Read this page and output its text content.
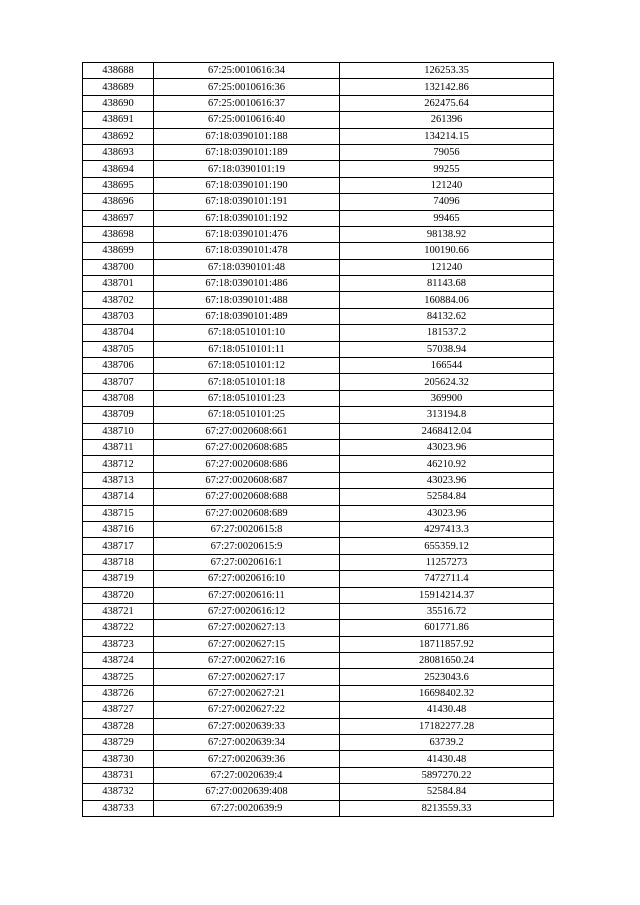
438688	67:25:0010616:34	126253.35
438689	67:25:0010616:36	132142.86
438690	67:25:0010616:37	262475.64
438691	67:25:0010616:40	261396
438692	67:18:0390101:188	134214.15
438693	67:18:0390101:189	79056
438694	67:18:0390101:19	99255
438695	67:18:0390101:190	121240
438696	67:18:0390101:191	74096
438697	67:18:0390101:192	99465
438698	67:18:0390101:476	98138.92
438699	67:18:0390101:478	100190.66
438700	67:18:0390101:48	121240
438701	67:18:0390101:486	81143.68
438702	67:18:0390101:488	160884.06
438703	67:18:0390101:489	84132.62
438704	67:18:0510101:10	181537.2
438705	67:18:0510101:11	57038.94
438706	67:18:0510101:12	166544
438707	67:18:0510101:18	205624.32
438708	67:18:0510101:23	369900
438709	67:18:0510101:25	313194.8
438710	67:27:0020608:661	2468412.04
438711	67:27:0020608:685	43023.96
438712	67:27:0020608:686	46210.92
438713	67:27:0020608:687	43023.96
438714	67:27:0020608:688	52584.84
438715	67:27:0020608:689	43023.96
438716	67:27:0020615:8	4297413.3
438717	67:27:0020615:9	655359.12
438718	67:27:0020616:1	11257273
438719	67:27:0020616:10	7472711.4
438720	67:27:0020616:11	15914214.37
438721	67:27:0020616:12	35516.72
438722	67:27:0020627:13	601771.86
438723	67:27:0020627:15	18711857.92
438724	67:27:0020627:16	28081650.24
438725	67:27:0020627:17	2523043.6
438726	67:27:0020627:21	16698402.32
438727	67:27:0020627:22	41430.48
438728	67:27:0020639:33	17182277.28
438729	67:27:0020639:34	63739.2
438730	67:27:0020639:36	41430.48
438731	67:27:0020639:4	5897270.22
438732	67:27:0020639:408	52584.84
438733	67:27:0020639:9	8213559.33
